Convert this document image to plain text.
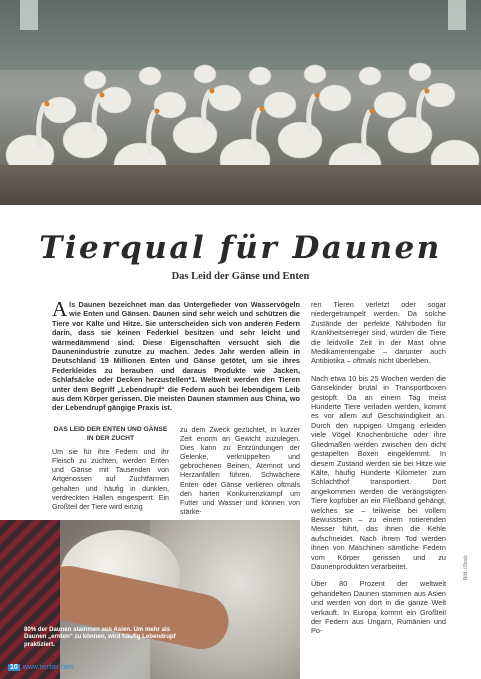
Tierqual für Daunen
Das Leid der Gänse und Enten
Als Daunen bezeichnet man das Untergefieder von Wasservögeln wie Enten und Gänsen. Daunen sind sehr weich und schützen die Tiere vor Kälte und Hitze. Sie unterscheiden sich von anderen Federn darin, dass sie keinen Federkiel besitzen und sehr leicht und wärmedämmend sind. Diese Eigenschaften versucht sich die Daunenindustrie zunutze zu machen. Jedes Jahr werden allein in Deutschland 19 Millionen Enten und Gänse getötet, um sie ihres Federkleides zu berauben und daraus Produkte wie Jacken, Schlafsäcke oder Decken herzustellen*1. Weltweit werden den Tieren unter dem Begriff „Lebendrupf“ die Federn auch bei lebendigem Leib aus dem Körper gerissen. Die meisten Daunen stammen aus China, wo der Lebendrupf gängige Praxis ist.
DAS LEID DER ENTEN UND GÄNSE IN DER ZUCHT

Um sie für ihre Federn und ihr Fleisch zu züchten, werden Enten und Gänse mit Tausenden von Artgenossen auf Zuchtfarmen gehalten und häufig in dunklen, verdreckten Hallen eingesperrt. Ein Großteil der Tiere wird einzig

zu dem Zweck gezüchtet, in kurzer Zeit enorm an Gewicht zuzulegen. Dies kann zu Entzündungen der Gelenke, verkrüppelten und gebrochenen Beinen, Atemnot und Herzanfällen führen. Schwächere Enten oder Gänse verlieren oftmals den harten Konkurrenzkampf um Futter und Wasser und können von stärke-

ren Tieren verletzt oder sogar niedergetrampelt werden. Da solche Zustände der perfekte Nährboden für Krankheitserreger sind, würden die Tiere die leidvolle Zeit in der Mast ohne Medikamentengabe – darunter auch Antibiotika – oftmals nicht überleben.

Nach etwa 10 bis 25 Wochen werden die Gänsekinder brutal in Transportboxen gestopft. Da an einem Tag meist Hunderte Tiere verladen werden, kommt es vor allem auf Geschwindigkeit an. Durch den ruppigen Umgang erleiden viele Vögel Knochenbrüche oder ihre Gliedmaßen werden zwischen den dicht gestapelten Boxen eingeklemmt. In diesem Zustand werden sie bei Hitze wie Kälte, häufig Hunderte Kilometer zum Schlachthof transportiert. Dort angekommen werden die verängstigten Tiere kopfüber an ein Fließband gehängt, welches sie – teilweise bei vollem Bewusstsein – zu einem rotierenden Messer führt, das ihnen die Kehle aufschneidet. Nach ihrem Tod werden ihnen von Maschinen sämtliche Federn vom Körper gerissen und zu Daunenprodukten verarbeitet.

Über 80 Prozent der weltweit gehandelten Daunen stammen aus Asien und werden von dort in die ganze Welt verkauft. In Europa kommt ein Großteil der Federn aus Ungarn, Rumänien und Po-

80% der Daunen stammen aus Asien. Um mehr als Daunen „ernten“ zu können, wird häufig Lebendrupf praktiziert.
10 www.tierfair.com
Bild: iStock
